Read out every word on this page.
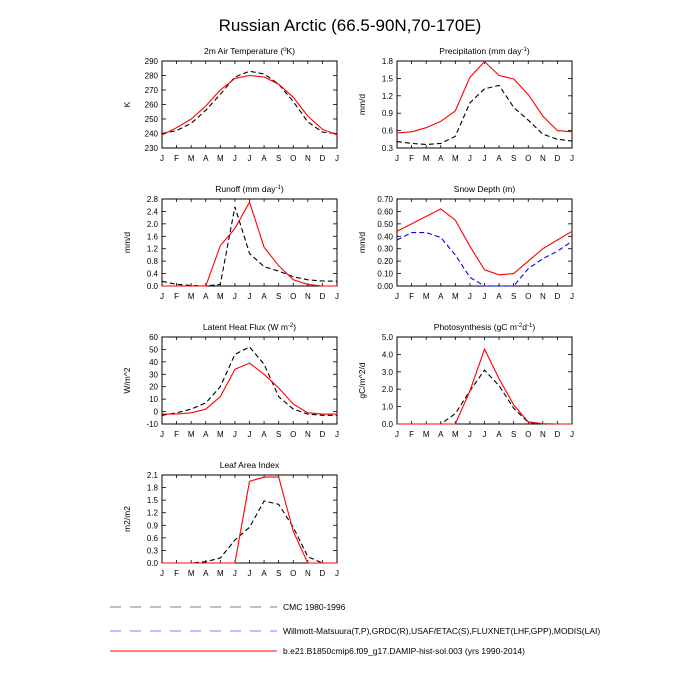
Russian Arctic (66.5-90N,70-170E)
2m Air Temperature ($^o$K)
230
240
250
260
270
280
290
J F M A M J J A S O N D J
K
Precipitation (mm day$^{-1}$)
0.3
0.6
0.9
1.2
1.5
1.8
J F M A M J J A S O N D J
mm/d
Runoff (mm day$^{-1}$)
0.0
0.4
0.8
1.2
1.6
2.0
2.4
2.8
J F M A M J J A S O N D J
mm/d
Snow Depth (m)
0.00
0.10
0.20
0.30
0.40
0.50
0.60
0.70
J F M A M J J A S O N D J
mm/d
Latent Heat Flux (W $m^{-2}$)
-10
0
10
20
30
40
50
60
J F M A M J J A S O N D J
W/m^2
Photosynthesis (gC $m^{-2}d^{-1}$)
0.0
1.0
2.0
3.0
4.0
5.0
J F M A M J J A S O N D J
gC/m^2/d
Leaf Area Index
0.0
0.3
0.6
0.9
1.2
1.5
1.8
2.1
J F M A M J J A S O N D J
m2/m2
CMC 1980-1996
Willmott-Matsuura(T,P),GRDC(R),USAF/ETAC(S),FLUXNET(LHF,GPP),MODIS(LAI)
b.e21.B1850cmip6.f09_g17.DAMIP-hist-sol.003 (yrs 1990-2014)
